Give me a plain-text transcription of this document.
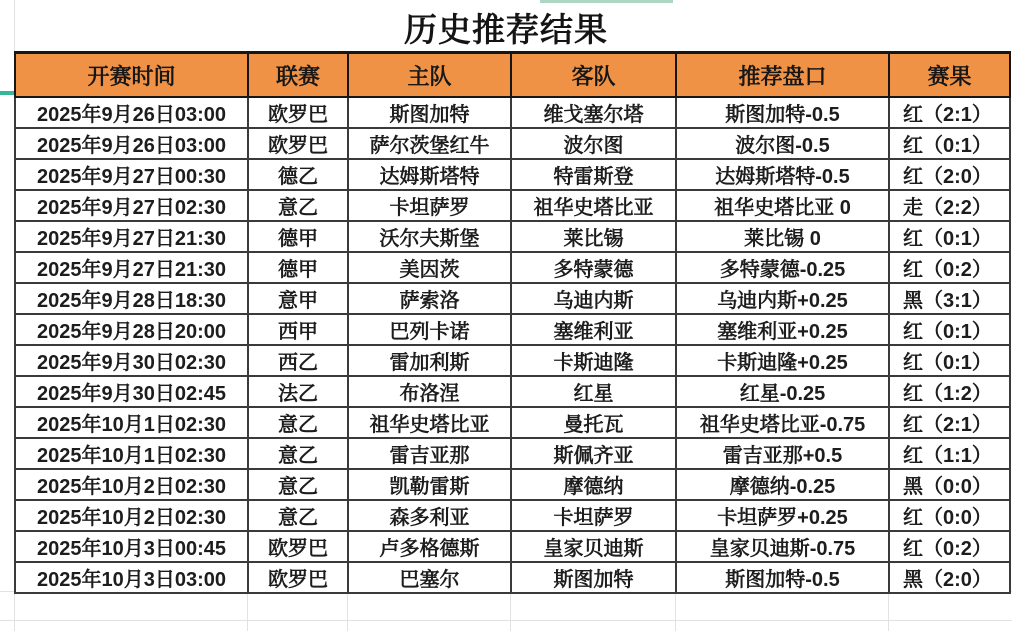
历史推荐结果
开赛时间	联赛	主队	客队	推荐盘口	赛果
2025年9月26日03:00	欧罗巴	斯图加特	维戈塞尔塔	斯图加特-0.5	红（2:1）
2025年9月26日03:00	欧罗巴	萨尔茨堡红牛	波尔图	波尔图-0.5	红（0:1）
2025年9月27日00:30	德乙	达姆斯塔特	特雷斯登	达姆斯塔特-0.5	红（2:0）
2025年9月27日02:30	意乙	卡坦萨罗	祖华史塔比亚	祖华史塔比亚 0	走（2:2）
2025年9月27日21:30	德甲	沃尔夫斯堡	莱比锡	莱比锡 0	红（0:1）
2025年9月27日21:30	德甲	美因茨	多特蒙德	多特蒙德-0.25	红（0:2）
2025年9月28日18:30	意甲	萨索洛	乌迪内斯	乌迪内斯+0.25	黑（3:1）
2025年9月28日20:00	西甲	巴列卡诺	塞维利亚	塞维利亚+0.25	红（0:1）
2025年9月30日02:30	西乙	雷加利斯	卡斯迪隆	卡斯迪隆+0.25	红（0:1）
2025年9月30日02:45	法乙	布洛涅	红星	红星-0.25	红（1:2）
2025年10月1日02:30	意乙	祖华史塔比亚	曼托瓦	祖华史塔比亚-0.75	红（2:1）
2025年10月1日02:30	意乙	雷吉亚那	斯佩齐亚	雷吉亚那+0.5	红（1:1）
2025年10月2日02:30	意乙	凯勒雷斯	摩德纳	摩德纳-0.25	黑（0:0）
2025年10月2日02:30	意乙	森多利亚	卡坦萨罗	卡坦萨罗+0.25	红（0:0）
2025年10月3日00:45	欧罗巴	卢多格德斯	皇家贝迪斯	皇家贝迪斯-0.75	红（0:2）
2025年10月3日03:00	欧罗巴	巴塞尔	斯图加特	斯图加特-0.5	黑（2:0）
